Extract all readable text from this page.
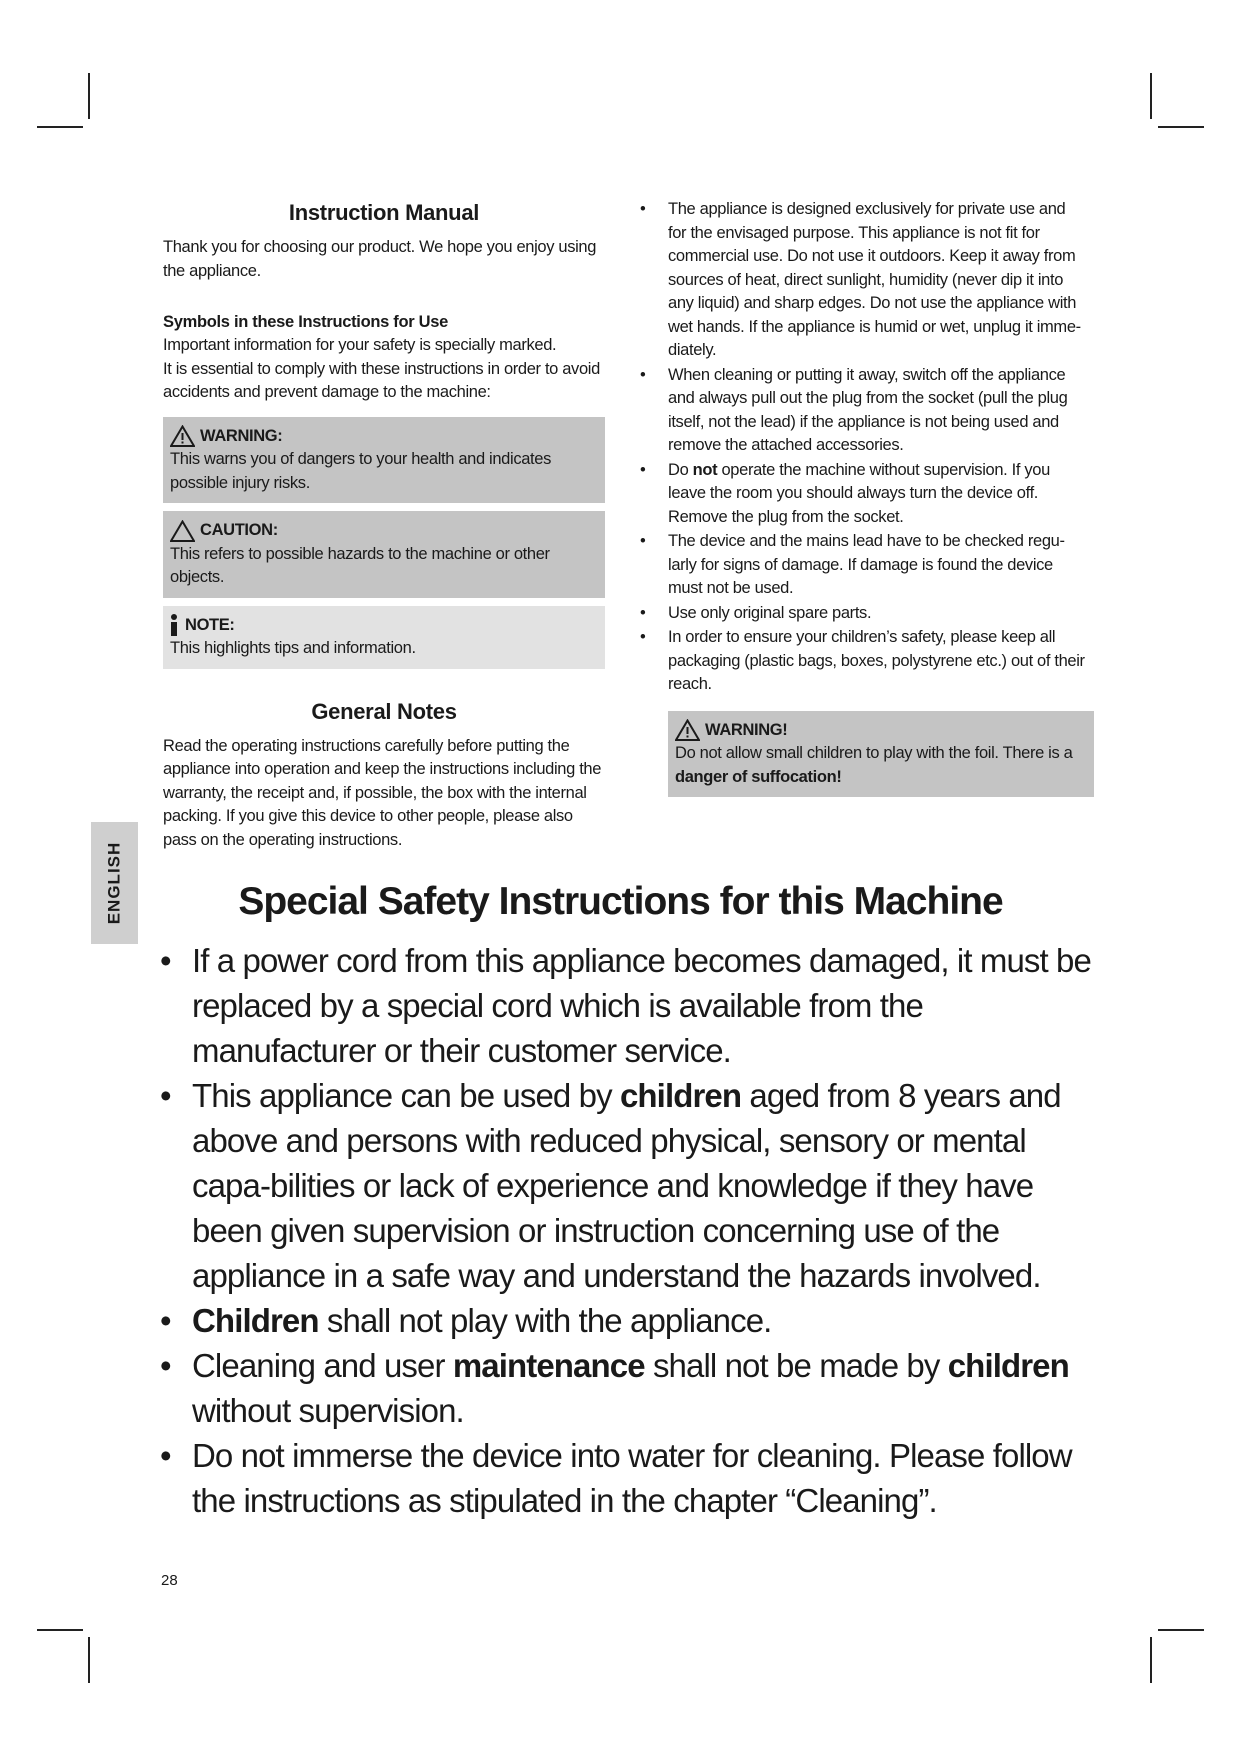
Instruction Manual

Thank you for choosing our product. We hope you enjoy using the appliance.

Symbols in these Instructions for Use

Important information for your safety is specially marked.

It is essential to comply with these instructions in order to avoid accidents and prevent damage to the machine:

WARNING:
This warns you of dangers to your health and indicates possible injury risks.
CAUTION:
This refers to possible hazards to the machine or other objects.
NOTE:
This highlights tips and information.
General Notes

Read the operating instructions carefully before putting the appliance into operation and keep the instructions including the warranty, the receipt and, if possible, the box with the internal packing. If you give this device to other people, please also pass on the operating instructions.

• The appliance is designed exclusively for private use and for the envisaged purpose. This appliance is not fit for commercial use. Do not use it outdoors. Keep it away from sources of heat, direct sunlight, humidity (never dip it into any liquid) and sharp edges. Do not use the appliance with wet hands. If the appliance is humid or wet, unplug it imme-diately.

• When cleaning or putting it away, switch off the appliance and always pull out the plug from the socket (pull the plug itself, not the lead) if the appliance is not being used and remove the attached accessories.

• Do not operate the machine without supervision. If you leave the room you should always turn the device off. Remove the plug from the socket.

• The device and the mains lead have to be checked regu-larly for signs of damage. If damage is found the device must not be used.

• Use only original spare parts.

• In order to ensure your children’s safety, please keep all packaging (plastic bags, boxes, polystyrene etc.) out of their reach.

WARNING!
Do not allow small children to play with the foil. There is a danger of suffocation!
ENGLISH	Special Safety Instructions for this Machine

• If a power cord from this appliance becomes damaged, it must be replaced by a special cord which is available from the manufacturer or their customer service.

• This appliance can be used by children aged from 8 years and above and persons with reduced physical, sensory or mental capa-bilities or lack of experience and knowledge if they have been given supervision or instruction concerning use of the appliance in a safe way and understand the hazards involved.

• Children shall not play with the appliance.

• Cleaning and user maintenance shall not be made by children without supervision.

• Do not immerse the device into water for cleaning. Please follow the instructions as stipulated in the chapter “Cleaning”.

28
